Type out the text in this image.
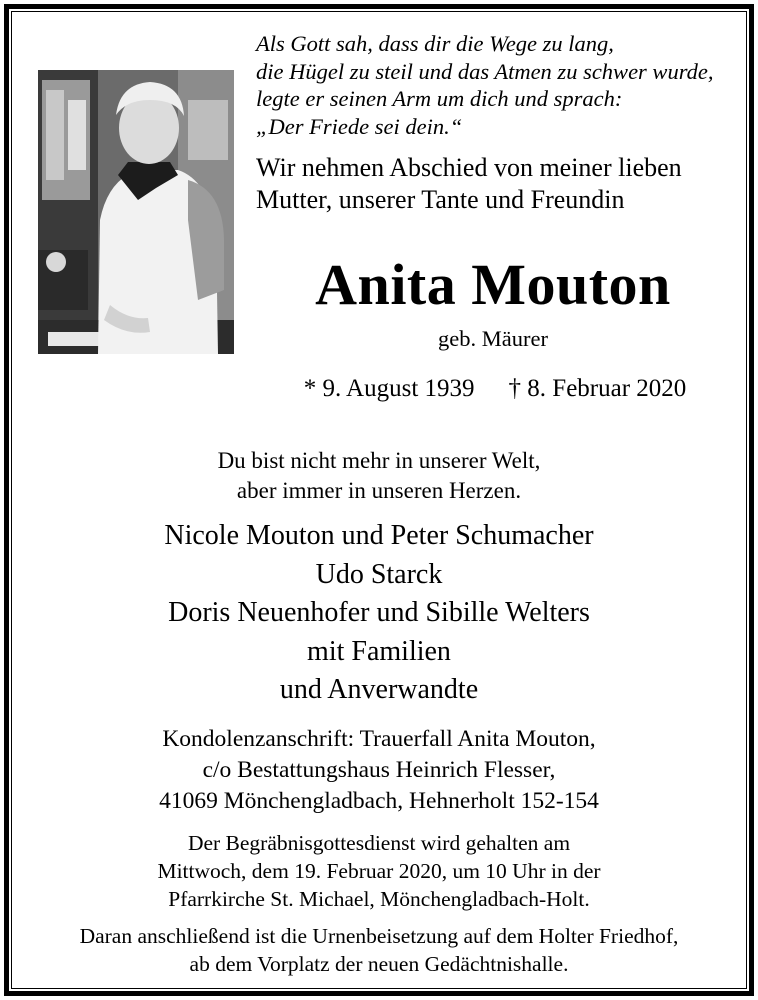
Als Gott sah, dass dir die Wege zu lang,
die Hügel zu steil und das Atmen zu schwer wurde,
legte er seinen Arm um dich und sprach:
„Der Friede sei dein.“
Wir nehmen Abschied von meiner lieben
Mutter, unserer Tante und Freundin
Anita Mouton
geb. Mäurer
* 9. August 1939 † 8. Februar 2020
Du bist nicht mehr in unserer Welt,
aber immer in unseren Herzen.
Nicole Mouton und Peter Schumacher
Udo Starck
Doris Neuenhofer und Sibille Welters
mit Familien
und Anverwandte
Kondolenzanschrift: Trauerfall Anita Mouton,
c/o Bestattungshaus Heinrich Flesser,
41069 Mönchengladbach, Hehnerholt 152-154
Der Begräbnisgottesdienst wird gehalten am
Mittwoch, dem 19. Februar 2020, um 10 Uhr in der
Pfarrkirche St. Michael, Mönchengladbach-Holt.
Daran anschließend ist die Urnenbeisetzung auf dem Holter Friedhof,
ab dem Vorplatz der neuen Gedächtnishalle.
